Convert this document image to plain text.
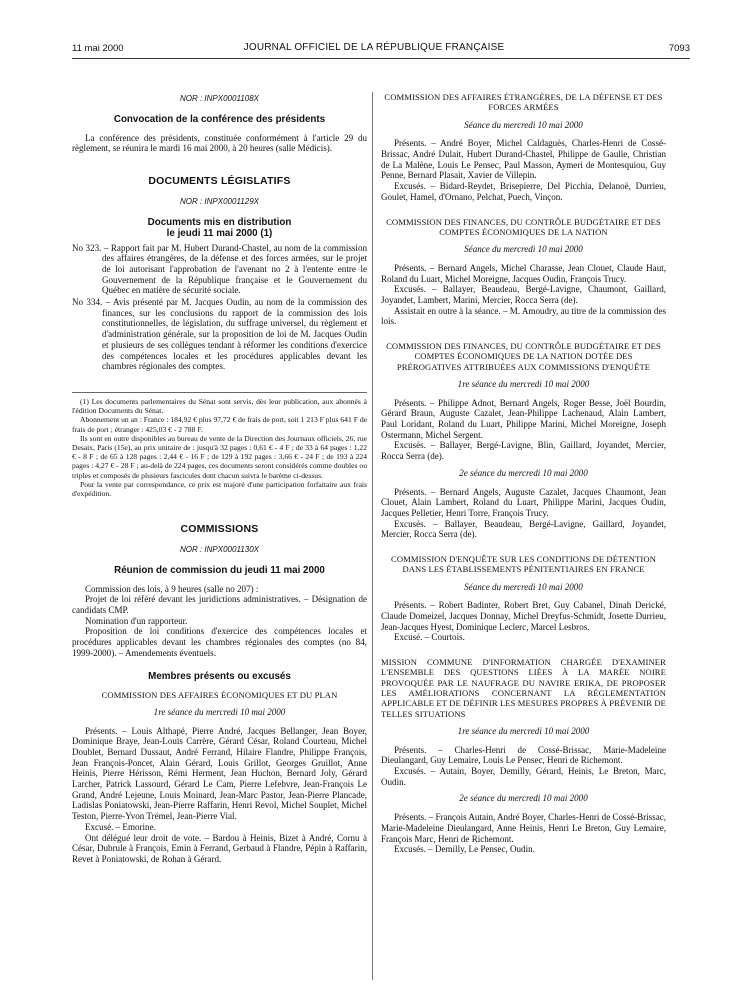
11 mai 2000	JOURNAL OFFICIEL DE LA RÉPUBLIQUE FRANÇAISE	7093
NOR : INPX0001108X
Convocation de la conférence des présidents

La conférence des présidents, constituée conformément à l'article 29 du règlement, se réunira le mardi 16 mai 2000, à 20 heures (salle Médicis).

DOCUMENTS LÉGISLATIFS
NOR : INPX0001129X
Documents mis en distribution
le jeudi 11 mai 2000 (1)

No 323. – Rapport fait par M. Hubert Durand-Chastel, au nom de la commission des affaires étrangères, de la défense et des forces armées, sur le projet de loi autorisant l'approbation de l'avenant no 2 à l'entente entre le Gouvernement de la République française et le Gouvernement du Québec en matière de sécurité sociale.

No 334. – Avis présenté par M. Jacques Oudin, au nom de la commission des finances, sur les conclusions du rapport de la commission des lois constitutionnelles, de législation, du suffrage universel, du règlement et d'administration générale, sur la proposition de loi de M. Jacques Oudin et plusieurs de ses collègues tendant à réformer les conditions d'exercice des compétences locales et les procédures applicables devant les chambres régionales des comptes.

(1) Les documents parlementaires du Sénat sont servis, dès leur publication, aux abonnés à l'édition Documents du Sénat.

Abonnement un an : France : 184,92 € plus 97,72 € de frais de port, soit 1 213 F plus 641 F de frais de port ; étranger : 425,03 € - 2 788 F.

Ils sont en outre disponibles au bureau de vente de la Direction des Journaux officiels, 26, rue Desaix, Paris (15e), au prix unitaire de : jusqu'à 32 pages : 0,61 € - 4 F ; de 33 à 64 pages : 1,22 € - 8 F ; de 65 à 128 pages : 2,44 € - 16 F ; de 129 à 192 pages : 3,66 € - 24 F ; de 193 à 224 pages : 4,27 € - 28 F ; au-delà de 224 pages, ces documents seront considérés comme doubles ou triples et composés de plusieurs fascicules dont chacun suivra le barème ci-dessus.

Pour la vente par correspondance, ce prix est majoré d'une participation forfaitaire aux frais d'expédition.

COMMISSIONS
NOR : INPX0001130X
Réunion de commission du jeudi 11 mai 2000

Commission des lois, à 9 heures (salle no 207) :

Projet de loi référé devant les juridictions administratives. – Désignation de candidats CMP.

Nomination d'un rapporteur.

Proposition de loi conditions d'exercice des compétences locales et procédures applicables devant les chambres régionales des comptes (no 84, 1999-2000). – Amendements éventuels.

Membres présents ou excusés
COMMISSION DES AFFAIRES ÉCONOMIQUES ET DU PLAN
1re séance du mercredi 10 mai 2000

Présents. – Louis Althapé, Pierre André, Jacques Bellanger, Jean Boyer, Dominique Braye, Jean-Louis Carrère, Gérard César, Roland Courteau, Michel Doublet, Bernard Dussaut, André Ferrand, Hilaire Flandre, Philippe François, Jean François-Poncet, Alain Gérard, Louis Grillot, Georges Gruillot, Anne Heinis, Pierre Hérisson, Rémi Herment, Jean Huchon, Bernard Joly, Gérard Larcher, Patrick Lassourd, Gérard Le Cam, Pierre Lefebvre, Jean-François Le Grand, André Lejeune, Louis Moinard, Jean-Marc Pastor, Jean-Pierre Plancade, Ladislas Poniatowski, Jean-Pierre Raffarin, Henri Revol, Michel Souplet, Michel Teston, Pierre-Yvon Trémel, Jean-Pierre Vial.

Excusé. – Emorine.

Ont délégué leur droit de vote. – Bardou à Heinis, Bizet à André, Cornu à César, Dubrule à François, Emin à Ferrand, Gerbaud à Flandre, Pépin à Raffarin, Revet à Poniatowski, de Rohan à Gérard.

COMMISSION DES AFFAIRES ÉTRANGÈRES, DE LA DÉFENSE ET DES FORCES ARMÉES
Séance du mercredi 10 mai 2000

Présents. – André Boyer, Michel Caldaguès, Charles-Henri de Cossé-Brissac, André Dulait, Hubert Durand-Chastel, Philippe de Gaulle, Christian de La Malène, Louis Le Pensec, Paul Masson, Aymeri de Montesquiou, Guy Penne, Bernard Plasait, Xavier de Villepin.

Excusés. – Bidard-Reydet, Brisepierre, Del Picchia, Delanoë, Durrieu, Goulet, Hamel, d'Ornano, Pelchat, Puech, Vinçon.

COMMISSION DES FINANCES, DU CONTRÔLE BUDGÉTAIRE ET DES COMPTES ÉCONOMIQUES DE LA NATION
Séance du mercredi 10 mai 2000

Présents. – Bernard Angels, Michel Charasse, Jean Clouet, Claude Haut, Roland du Luart, Michel Moreigne, Jacques Oudin, François Trucy.

Excusés. – Ballayer, Beaudeau, Bergé-Lavigne, Chaumont, Gaillard, Joyandet, Lambert, Marini, Mercier, Rocca Serra (de).

Assistait en outre à la séance. – M. Amoudry, au titre de la commission des lois.

COMMISSION DES FINANCES, DU CONTRÔLE BUDGÉTAIRE ET DES COMPTES ÉCONOMIQUES DE LA NATION DOTÉE DES PRÉROGATIVES ATTRIBUÉES AUX COMMISSIONS D'ENQUÊTE
1re séance du mercredi 10 mai 2000

Présents. – Philippe Adnot, Bernard Angels, Roger Besse, Joël Bourdin, Gérard Braun, Auguste Cazalet, Jean-Philippe Lachenaud, Alain Lambert, Paul Loridant, Roland du Luart, Philippe Marini, Michel Moreigne, Joseph Ostermann, Michel Sergent.

Excusés. – Ballayer, Bergé-Lavigne, Blin, Gaillard, Joyandet, Mercier, Rocca Serra (de).

2e séance du mercredi 10 mai 2000

Présents. – Bernard Angels, Auguste Cazalet, Jacques Chaumont, Jean Clouet, Alain Lambert, Roland du Luart, Philippe Marini, Jacques Oudin, Jacques Pelletier, Henri Torre, François Trucy.

Excusés. – Ballayer, Beaudeau, Bergé-Lavigne, Gaillard, Joyandet, Mercier, Rocca Serra (de).

COMMISSION D'ENQUÊTE SUR LES CONDITIONS DE DÉTENTION DANS LES ÉTABLISSEMENTS PÉNITENTIAIRES EN FRANCE
Séance du mercredi 10 mai 2000

Présents. – Robert Badinter, Robert Bret, Guy Cabanel, Dinah Derické, Claude Domeizel, Jacques Donnay, Michel Dreyfus-Schmidt, Josette Durrieu, Jean-Jacques Hyest, Dominique Leclerc, Marcel Lesbros.

Excusé. – Courtois.

MISSION COMMUNE D'INFORMATION CHARGÉE D'EXAMINER L'ENSEMBLE DES QUESTIONS LIÉES À LA MARÉE NOIRE PROVOQUÉE PAR LE NAUFRAGE DU NAVIRE ERIKA, DE PROPOSER LES AMÉLIORATIONS CONCERNANT LA RÉGLEMENTATION APPLICABLE ET DE DÉFINIR LES MESURES PROPRES À PRÉVENIR DE TELLES SITUATIONS
1re séance du mercredi 10 mai 2000

Présents. – Charles-Henri de Cossé-Brissac, Marie-Madeleine Dieulangard, Guy Lemaire, Louis Le Pensec, Henri de Richemont.

Excusés. – Autain, Boyer, Demilly, Gérard, Heinis, Le Breton, Marc, Oudin.

2e séance du mercredi 10 mai 2000

Présents. – François Autain, André Boyer, Charles-Henri de Cossé-Brissac, Marie-Madeleine Dieulangard, Anne Heinis, Henri Le Breton, Guy Lemaire, François Marc, Henri de Richemont.

Excusés. – Demilly, Le Pensec, Oudin.
